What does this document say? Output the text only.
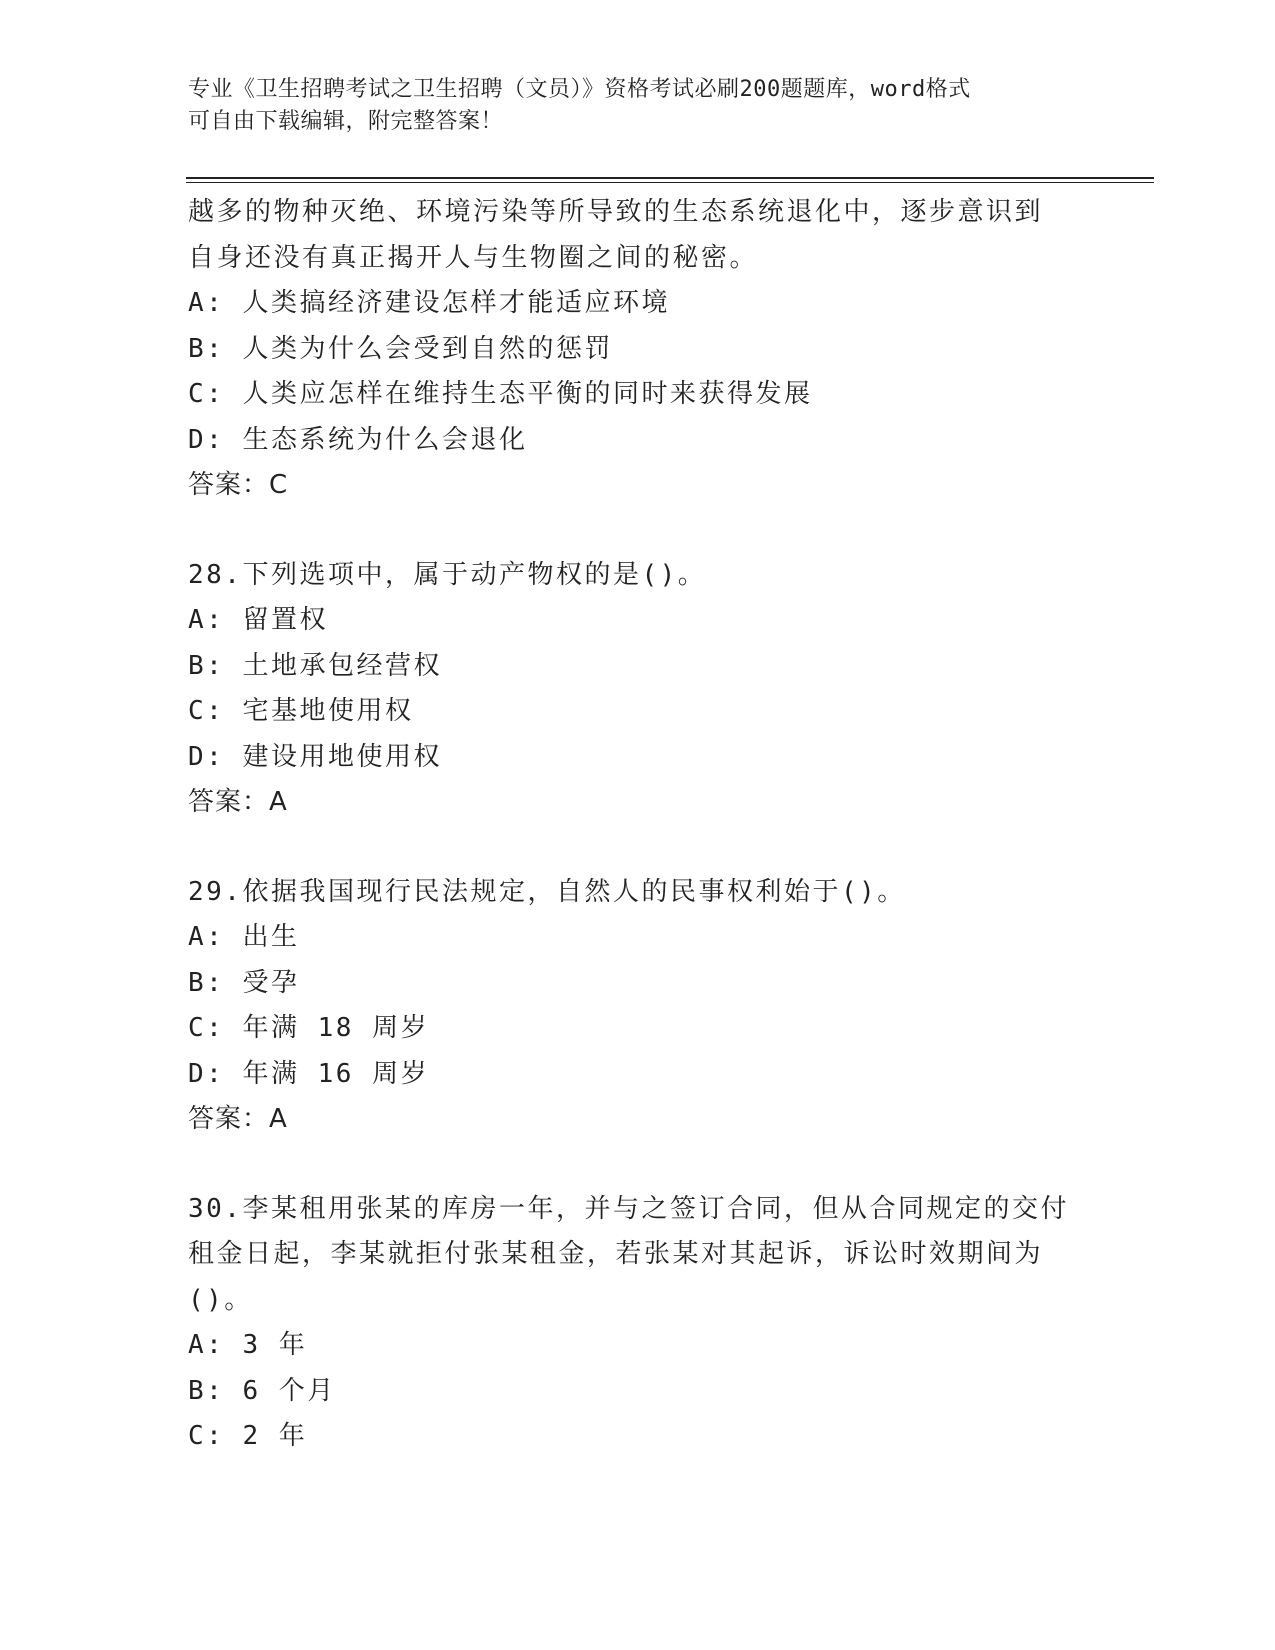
专业《卫生招聘考试之卫生招聘（文员）》资格考试必刷200题题库，word格式
可自由下载编辑，附完整答案！
越多的物种灭绝、环境污染等所导致的生态系统退化中，逐步意识到
自身还没有真正揭开人与生物圈之间的秘密。
A: 人类搞经济建设怎样才能适应环境
B: 人类为什么会受到自然的惩罚
C: 人类应怎样在维持生态平衡的同时来获得发展
D: 生态系统为什么会退化
答案：C
28.下列选项中，属于动产物权的是()。
A: 留置权
B: 土地承包经营权
C: 宅基地使用权
D: 建设用地使用权
答案：A
29.依据我国现行民法规定，自然人的民事权利始于()。
A: 出生
B: 受孕
C: 年满 18 周岁
D: 年满 16 周岁
答案：A
30.李某租用张某的库房一年，并与之签订合同，但从合同规定的交付
租金日起，李某就拒付张某租金，若张某对其起诉，诉讼时效期间为
()。
A: 3 年
B: 6 个月
C: 2 年
